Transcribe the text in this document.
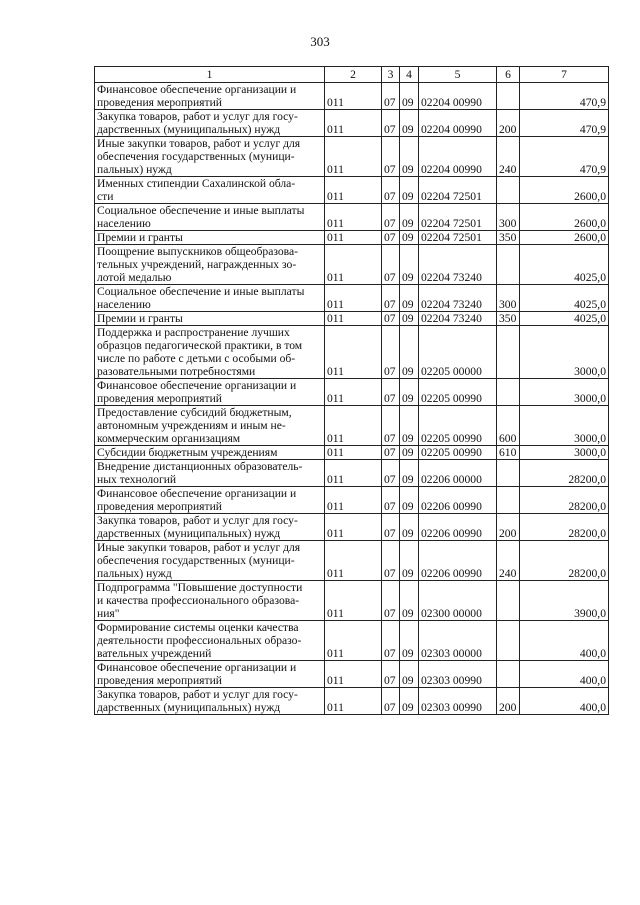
303
1	2	3	4	5	6	7

Финансовое обеспечение организации и
проведения мероприятий	011	07	09	02204 00990		470,9

Закупка товаров, работ и услуг для госу-
дарственных (муниципальных) нужд	011	07	09	02204 00990	200	470,9

Иные закупки товаров, работ и услуг для
обеспечения государственных (муници-
пальных) нужд	011	07	09	02204 00990	240	470,9

Именных стипендии Сахалинской обла-
сти	011	07	09	02204 72501		2600,0

Социальное обеспечение и иные выплаты
населению	011	07	09	02204 72501	300	2600,0

Премии и гранты	011	07	09	02204 72501	350	2600,0

Поощрение выпускников общеобразова-
тельных учреждений, награжденных зо-
лотой медалью	011	07	09	02204 73240		4025,0

Социальное обеспечение и иные выплаты
населению	011	07	09	02204 73240	300	4025,0

Премии и гранты	011	07	09	02204 73240	350	4025,0

Поддержка и распространение лучших
образцов педагогической практики, в том
числе по работе с детьми с особыми об-
разовательными потребностями	011	07	09	02205 00000		3000,0

Финансовое обеспечение организации и
проведения мероприятий	011	07	09	02205 00990		3000,0

Предоставление субсидий бюджетным,
автономным учреждениям и иным не-
коммерческим организациям	011	07	09	02205 00990	600	3000,0

Субсидии бюджетным учреждениям	011	07	09	02205 00990	610	3000,0

Внедрение дистанционных образователь-
ных технологий	011	07	09	02206 00000		28200,0

Финансовое обеспечение организации и
проведения мероприятий	011	07	09	02206 00990		28200,0

Закупка товаров, работ и услуг для госу-
дарственных (муниципальных) нужд	011	07	09	02206 00990	200	28200,0

Иные закупки товаров, работ и услуг для
обеспечения государственных (муници-
пальных) нужд	011	07	09	02206 00990	240	28200,0

Подпрограмма "Повышение доступности
и качества профессионального образова-
ния"	011	07	09	02300 00000		3900,0

Формирование системы оценки качества
деятельности профессиональных образо-
вательных учреждений	011	07	09	02303 00000		400,0

Финансовое обеспечение организации и
проведения мероприятий	011	07	09	02303 00990		400,0

Закупка товаров, работ и услуг для госу-
дарственных (муниципальных) нужд	011	07	09	02303 00990	200	400,0
